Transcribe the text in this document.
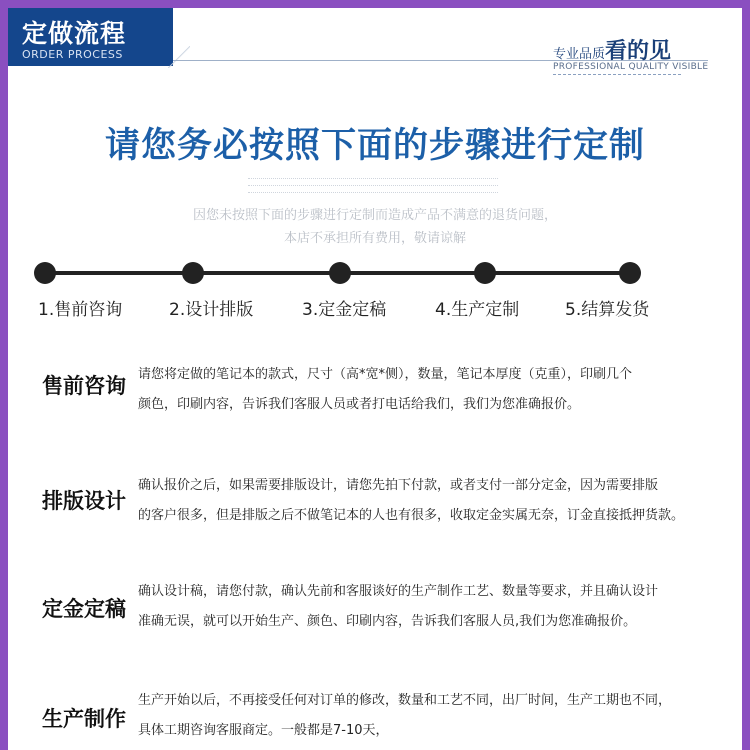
定做流程
ORDER PROCESS	专业品质看的见
PROFESSIONAL QUALITY VISIBLE
请您务必按照下面的步骤进行定制
因您未按照下面的步骤进行定制而造成产品不满意的退货问题，
本店不承担所有费用，敬请谅解
1.售前咨询	2.设计排版	3.定金定稿	4.生产定制	5.结算发货
售前咨询 请您将定做的笔记本的款式，尺寸（高*宽*侧），数量，笔记本厚度（克重），印刷几个
颜色，印刷内容，告诉我们客服人员或者打电话给我们，我们为您准确报价。
排版设计
确认报价之后，如果需要排版设计，请您先拍下付款，或者支付一部分定金，因为需要排版
的客户很多，但是排版之后不做笔记本的人也有很多，收取定金实属无奈，订金直接抵押货款。
定金定稿
确认设计稿，请您付款，确认先前和客服谈好的生产制作工艺、数量等要求，并且确认设计
准确无误，就可以开始生产、颜色、印刷内容，告诉我们客服人员,我们为您准确报价。
生产制作
生产开始以后，不再接受任何对订单的修改，数量和工艺不同，出厂时间，生产工期也不同，
具体工期咨询客服商定。一般都是7-10天，
